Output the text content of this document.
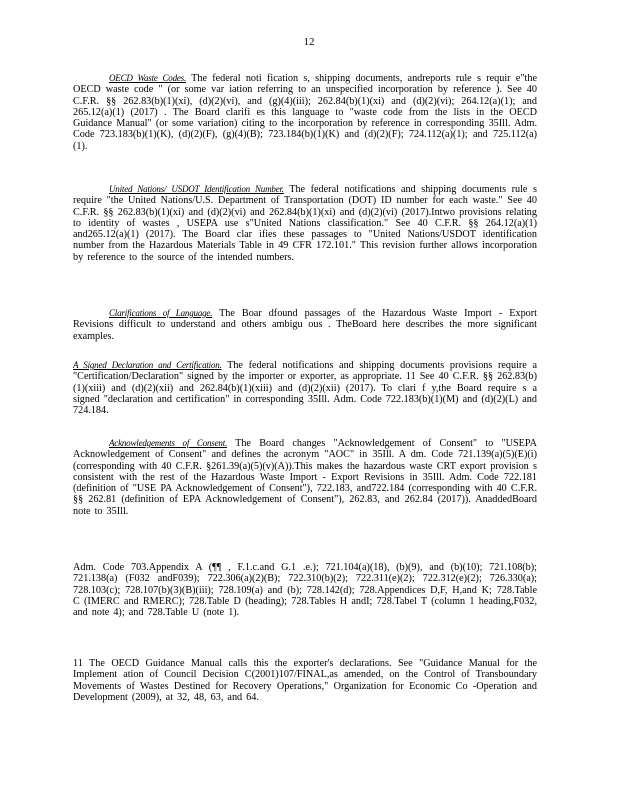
12

OECD Waste Codes. The federal noti fication s, shipping documents, andreports rule s requir e"the OECD waste code " (or some var iation referring to an unspecified incorporation by reference ). See 40 C.F.R. §§ 262.83(b)(1)(xi), (d)(2)(vi), and (g)(4)(iii); 262.84(b)(1)(xi) and (d)(2)(vi); 264.12(a)(1); and 265.12(a)(1) (2017) . The Board clarifi es this language to "waste code from the lists in the OECD Guidance Manual" (or some variation) citing to the incorporation by reference in corresponding 35Ill. Adm. Code 723.183(b)(1)(K), (d)(2)(F), (g)(4)(B); 723.184(b)(1)(K) and (d)(2)(F); 724.112(a)(1); and 725.112(a)(1).

United Nations/ USDOT Identification Number. The federal notifications and shipping documents rule s require "the United Nations/U.S. Department of Transportation (DOT) ID number for each waste." See 40 C.F.R. §§ 262.83(b)(1)(xi) and (d)(2)(vi) and 262.84(b)(1)(xi) and (d)(2)(vi) (2017).Intwo provisions relating to identity of wastes , USEPA use s"United Nations classification." See 40 C.F.R. §§ 264.12(a)(1) and265.12(a)(1) (2017). The Board clar ifies these passages to "United Nations/USDOT identification number from the Hazardous Materials Table in 49 CFR 172.101." This revision further allows incorporation by reference to the source of the intended numbers.

Clarifications of Language. The Boar dfound passages of the Hazardous Waste Import - Export Revisions difficult to understand and others ambigu ous . TheBoard here describes the more significant examples.

A Signed Declaration and Certification. The federal notifications and shipping documents provisions require a "Certification/Declaration" signed by the importer or exporter, as appropriate. 11 See 40 C.F.R. §§ 262.83(b)(1)(xiii) and (d)(2)(xii) and 262.84(b)(1)(xiii) and (d)(2)(xii) (2017). To clari f y,the Board require s a signed "declaration and certification" in corresponding 35Ill. Adm. Code 722.183(b)(1)(M) and (d)(2)(L) and 724.184.

Acknowledgements of Consent. The Board changes "Acknowledgement of Consent" to "USEPA Acknowledgement of Consent" and defines the acronym "AOC" in 35Ill. A dm. Code 721.139(a)(5)(E)(i) (corresponding with 40 C.F.R. §261.39(a)(5)(v)(A)).This makes the hazardous waste CRT export provision s consistent with the rest of the Hazardous Waste Import - Export Revisions in 35Ill. Adm. Code 722.181 (definition of "USE PA Acknowledgement of Consent"), 722.183, and722.184 (corresponding with 40 C.F.R. §§ 262.81 (definition of EPA Acknowledgement of Consent"), 262.83, and 262.84 (2017)). AnaddedBoard note to 35Ill.

Adm. Code 703.Appendix A (¶¶ , F.1.c.and G.1 .e.); 721.104(a)(18), (b)(9), and (b)(10); 721.108(b); 721.138(a) (F032 andF039); 722.306(a)(2)(B); 722.310(b)(2); 722.311(e)(2); 722.312(e)(2); 726.330(a); 728.103(c); 728.107(b)(3)(B)(iii); 728.109(a) and (b); 728.142(d); 728.Appendices D,F, H,and K; 728.Table C (IMERC and RMERC); 728.Table D (heading); 728.Tables H andI; 728.Tabel T (column 1 heading,F032, and note 4); and 728.Table U (note 1).

11 The OECD Guidance Manual calls this the exporter's declarations. See "Guidance Manual for the Implement ation of Council Decision C(2001)107/FINAL,as amended, on the Control of Transboundary Movements of Wastes Destined for Recovery Operations," Organization for Economic Co -Operation and Development (2009), at 32, 48, 63, and 64.
